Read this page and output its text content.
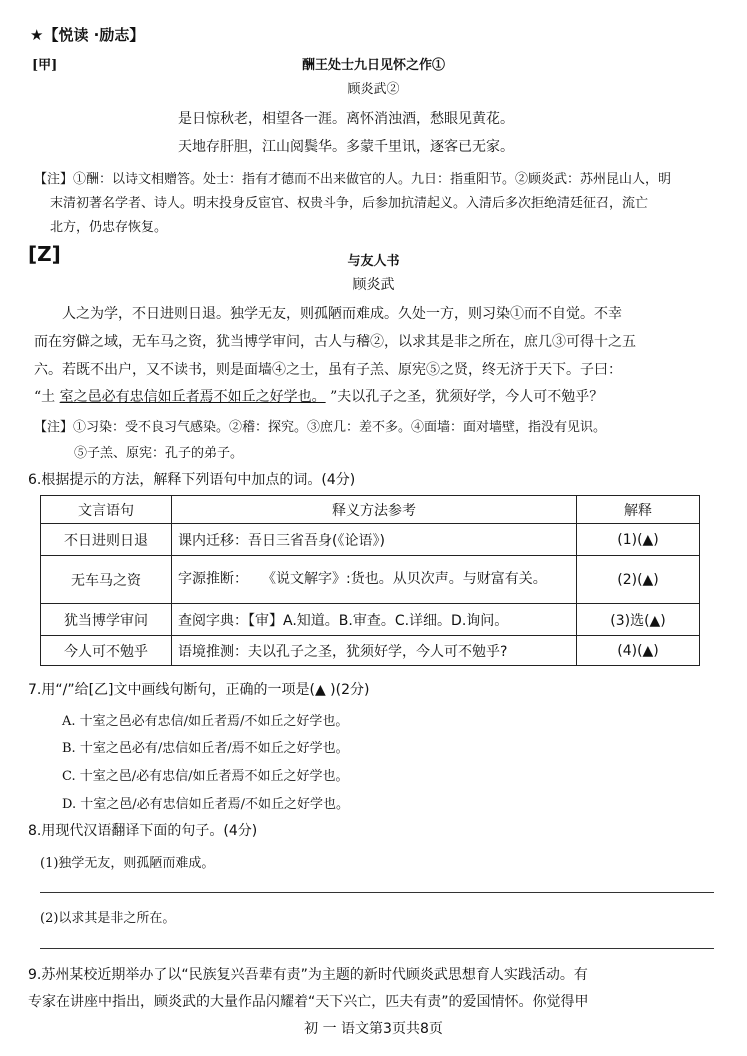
★【悦读 ·励志】
[甲]	酬王处士九日见怀之作①
顾炎武②
是日惊秋老，相望各一涯。离怀消浊酒，愁眼见黄花。
天地存肝胆，江山阅鬓华。多蒙千里讯，逐客已无家。
【注】①酬：以诗文相赠答。处士：指有才德而不出来做官的人。九日：指重阳节。②顾炎武：苏州昆山人，明
末清初著名学者、诗人。明末投身反宦官、权贵斗争，后参加抗清起义。入清后多次拒绝清廷征召，流亡
北方，仍忠存恢复。
[Z]	与友人书
顾炎武
人之为学，不日进则日退。独学无友，则孤陋而难成。久处一方，则习染①而不自觉。不幸
而在穷僻之域，无车马之资，犹当博学审问，古人与稽②，以求其是非之所在，庶几③可得十之五
六。若既不出户，又不读书，则是面墙④之士，虽有子羔、原宪⑤之贤，终无济于天下。子曰：
“土 室之邑必有忠信如丘者焉不如丘之好学也。 ”夫以孔子之圣，犹须好学，今人可不勉乎？
【注】①习染：受不良习气感染。②稽：探究。③庶几：差不多。④面墙：面对墙壁，指没有见识。
⑤子羔、原宪：孔子的弟子。
6.根据提示的方法，解释下列语句中加点的词。(4分)
文言语句	释义方法参考	解释
不日进则日退	课内迁移：吾日三省吾身(《论语》)	(1)(▲)
无车马之资	字源推断：　　《说文解字》:货也。从贝次声。与财富有关。	(2)(▲)
犹当博学审问	查阅字典：【审】A.知道。B.审查。C.详细。D.询问。	(3)选(▲)
今人可不勉乎	语境推测：夫以孔子之圣，犹须好学，今人可不勉乎?	(4)(▲)
7.用“/”给[乙]文中画线句断句，正确的一项是(▲ )(2分)
A. 十室之邑必有忠信/如丘者焉/不如丘之好学也。
B. 十室之邑必有/忠信如丘者/焉不如丘之好学也。
C. 十室之邑/必有忠信/如丘者焉不如丘之好学也。
D. 十室之邑/必有忠信如丘者焉/不如丘之好学也。
8.用现代汉语翻译下面的句子。(4分)
(1)独学无友，则孤陋而难成。
(2)以求其是非之所在。
9.苏州某校近期举办了以“民族复兴吾辈有责”为主题的新时代顾炎武思想育人实践活动。有
专家在讲座中指出，顾炎武的大量作品闪耀着“天下兴亡，匹夫有责”的爱国情怀。你觉得甲
初 一 语文第3页共8页
